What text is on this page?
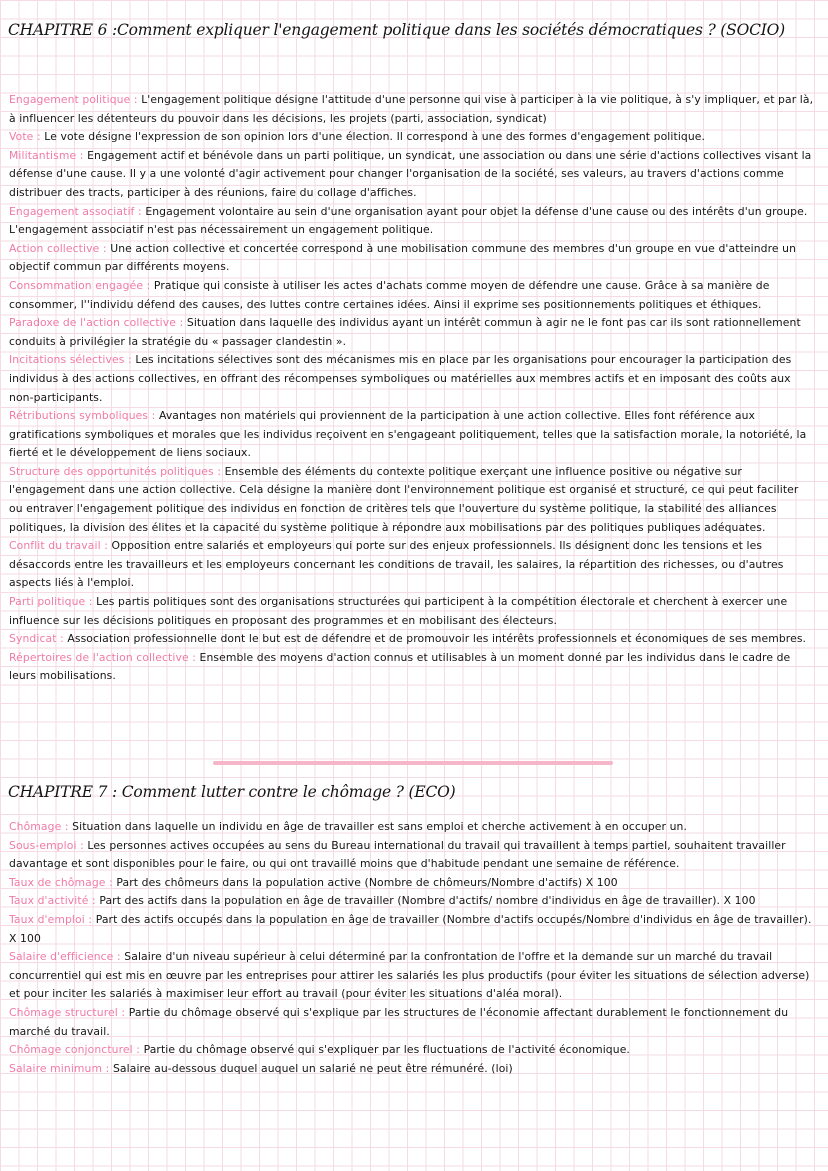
CHAPITRE 6 :Comment expliquer l'engagement politique dans les sociétés démocratiques ? (SOCIO)

Engagement politique : L'engagement politique désigne l'attitude d'une personne qui vise à participer à la vie politique, à s'y impliquer, et par là, à influencer les détenteurs du pouvoir dans les décisions, les projets (parti, association, syndicat)

Vote : Le vote désigne l'expression de son opinion lors d'une élection. Il correspond à une des formes d'engagement politique.

Militantisme : Engagement actif et bénévole dans un parti politique, un syndicat, une association ou dans une série d'actions collectives visant la défense d'une cause. Il y a une volonté d'agir activement pour changer l'organisation de la société, ses valeurs, au travers d'actions comme distribuer des tracts, participer à des réunions, faire du collage d'affiches.

Engagement associatif : Engagement volontaire au sein d'une organisation ayant pour objet la défense d'une cause ou des intérêts d'un groupe. L'engagement associatif n'est pas nécessairement un engagement politique.

Action collective : Une action collective et concertée correspond à une mobilisation commune des membres d'un groupe en vue d'atteindre un objectif commun par différents moyens.

Consommation engagée : Pratique qui consiste à utiliser les actes d'achats comme moyen de défendre une cause. Grâce à sa manière de consommer, l''individu défend des causes, des luttes contre certaines idées. Ainsi il exprime ses positionnements politiques et éthiques.

Paradoxe de l'action collective : Situation dans laquelle des individus ayant un intérêt commun à agir ne le font pas car ils sont rationnellement conduits à privilégier la stratégie du « passager clandestin ».

Incitations sélectives : Les incitations sélectives sont des mécanismes mis en place par les organisations pour encourager la participation des individus à des actions collectives, en offrant des récompenses symboliques ou matérielles aux membres actifs et en imposant des coûts aux non-participants.

Rétributions symboliques : Avantages non matériels qui proviennent de la participation à une action collective. Elles font référence aux gratifications symboliques et morales que les individus reçoivent en s'engageant politiquement, telles que la satisfaction morale, la notoriété, la fierté et le développement de liens sociaux.

Structure des opportunités politiques : Ensemble des éléments du contexte politique exerçant une influence positive ou négative sur l'engagement dans une action collective. Cela désigne la manière dont l'environnement politique est organisé et structuré, ce qui peut faciliter ou entraver l'engagement politique des individus en fonction de critères tels que l'ouverture du système politique, la stabilité des alliances politiques, la division des élites et la capacité du système politique à répondre aux mobilisations par des politiques publiques adéquates.

Conflit du travail : Opposition entre salariés et employeurs qui porte sur des enjeux professionnels. Ils désignent donc les tensions et les désaccords entre les travailleurs et les employeurs concernant les conditions de travail, les salaires, la répartition des richesses, ou d'autres aspects liés à l'emploi.

Parti politique : Les partis politiques sont des organisations structurées qui participent à la compétition électorale et cherchent à exercer une influence sur les décisions politiques en proposant des programmes et en mobilisant des électeurs.

Syndicat : Association professionnelle dont le but est de défendre et de promouvoir les intérêts professionnels et économiques de ses membres.

Répertoires de l'action collective : Ensemble des moyens d'action connus et utilisables à un moment donné par les individus dans le cadre de leurs mobilisations.

CHAPITRE 7 : Comment lutter contre le chômage ? (ECO)

Chômage : Situation dans laquelle un individu en âge de travailler est sans emploi et cherche activement à en occuper un.

Sous-emploi : Les personnes actives occupées au sens du Bureau international du travail qui travaillent à temps partiel, souhaitent travailler davantage et sont disponibles pour le faire, ou qui ont travaillé moins que d'habitude pendant une semaine de référence.

Taux de chômage : Part des chômeurs dans la population active (Nombre de chômeurs/Nombre d'actifs) X 100

Taux d'activité : Part des actifs dans la population en âge de travailler (Nombre d'actifs/ nombre d'individus en âge de travailler). X 100

Taux d'emploi : Part des actifs occupés dans la population en âge de travailler (Nombre d'actifs occupés/Nombre d'individus en âge de travailler). X 100

Salaire d'efficience : Salaire d'un niveau supérieur à celui déterminé par la confrontation de l'offre et la demande sur un marché du travail concurrentiel qui est mis en œuvre par les entreprises pour attirer les salariés les plus productifs (pour éviter les situations de sélection adverse) et pour inciter les salariés à maximiser leur effort au travail (pour éviter les situations d'aléa moral).

Chômage structurel : Partie du chômage observé qui s'explique par les structures de l'économie affectant durablement le fonctionnement du marché du travail.

Chômage conjoncturel : Partie du chômage observé qui s'expliquer par les fluctuations de l'activité économique.

Salaire minimum : Salaire au-dessous duquel auquel un salarié ne peut être rémunéré. (loi)
